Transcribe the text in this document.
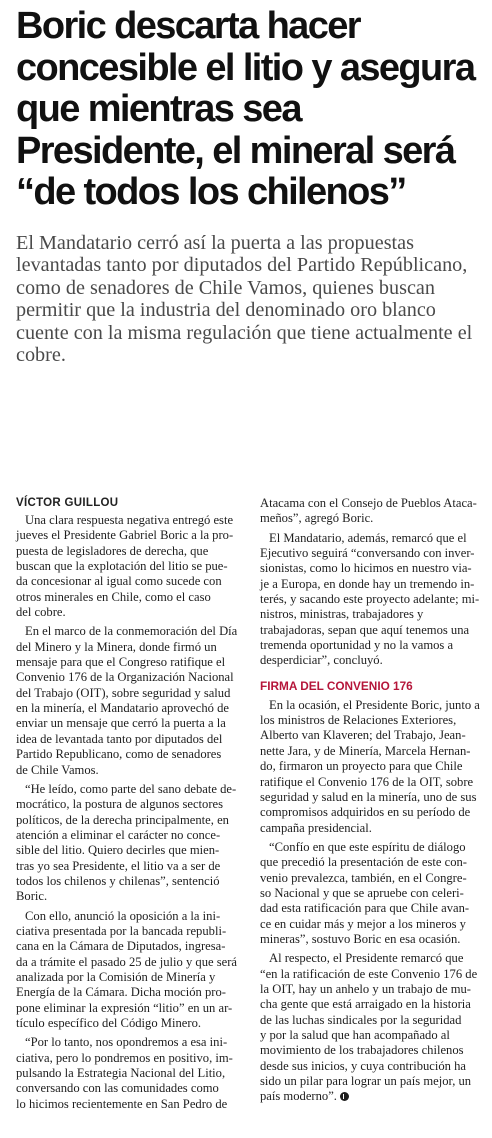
Boric descarta hacer
concesible el litio y asegura
que mientras sea
Presidente, el mineral será
“de todos los chilenos”
El Mandatario cerró así la puerta a las propuestas
levantadas tanto por diputados del Partido Repúblicano,
como de senadores de Chile Vamos, quienes buscan
permitir que la industria del denominado oro blanco
cuente con la misma regulación que tiene actualmente el
cobre.
VÍCTOR GUILLOU

Una clara respuesta negativa entregó este
jueves el Presidente Gabriel Boric a la pro-
puesta de legisladores de derecha, que
buscan que la explotación del litio se pue-
da concesionar al igual como sucede con
otros minerales en Chile, como el caso
del cobre.

En el marco de la conmemoración del Día
del Minero y la Minera, donde firmó un
mensaje para que el Congreso ratifique el
Convenio 176 de la Organización Nacional
del Trabajo (OIT), sobre seguridad y salud
en la minería, el Mandatario aprovechó de
enviar un mensaje que cerró la puerta a la
idea de levantada tanto por diputados del
Partido Republicano, como de senadores
de Chile Vamos.

“He leído, como parte del sano debate de-
mocrático, la postura de algunos sectores
políticos, de la derecha principalmente, en
atención a eliminar el carácter no conce-
sible del litio. Quiero decirles que mien-
tras yo sea Presidente, el litio va a ser de
todos los chilenos y chilenas”, sentenció
Boric.

Con ello, anunció la oposición a la ini-
ciativa presentada por la bancada republi-
cana en la Cámara de Diputados, ingresa-
da a trámite el pasado 25 de julio y que será
analizada por la Comisión de Minería y
Energía de la Cámara. Dicha moción pro-
pone eliminar la expresión “litio” en un ar-
tículo específico del Código Minero.

“Por lo tanto, nos opondremos a esa ini-
ciativa, pero lo pondremos en positivo, im-
pulsando la Estrategia Nacional del Litio,
conversando con las comunidades como
lo hicimos recientemente en San Pedro de

Atacama con el Consejo de Pueblos Ataca-
meños”, agregó Boric.

El Mandatario, además, remarcó que el
Ejecutivo seguirá “conversando con inver-
sionistas, como lo hicimos en nuestro via-
je a Europa, en donde hay un tremendo in-
terés, y sacando este proyecto adelante; mi-
nistros, ministras, trabajadores y
trabajadoras, sepan que aquí tenemos una
tremenda oportunidad y no la vamos a
desperdiciar”, concluyó.

FIRMA DEL CONVENIO 176

En la ocasión, el Presidente Boric, junto a
los ministros de Relaciones Exteriores,
Alberto van Klaveren; del Trabajo, Jean-
nette Jara, y de Minería, Marcela Hernan-
do, firmaron un proyecto para que Chile
ratifique el Convenio 176 de la OIT, sobre
seguridad y salud en la minería, uno de sus
compromisos adquiridos en su período de
campaña presidencial.

“Confío en que este espíritu de diálogo
que precedió la presentación de este con-
venio prevalezca, también, en el Congre-
so Nacional y que se apruebe con celeri-
dad esta ratificación para que Chile avan-
ce en cuidar más y mejor a los mineros y
mineras”, sostuvo Boric en esa ocasión.

Al respecto, el Presidente remarcó que
“en la ratificación de este Convenio 176 de
la OIT, hay un anhelo y un trabajo de mu-
cha gente que está arraigado en la historia
de las luchas sindicales por la seguridad
y por la salud que han acompañado al
movimiento de los trabajadores chilenos
desde sus inicios, y cuya contribución ha
sido un pilar para lograr un país mejor, un
país moderno”.
